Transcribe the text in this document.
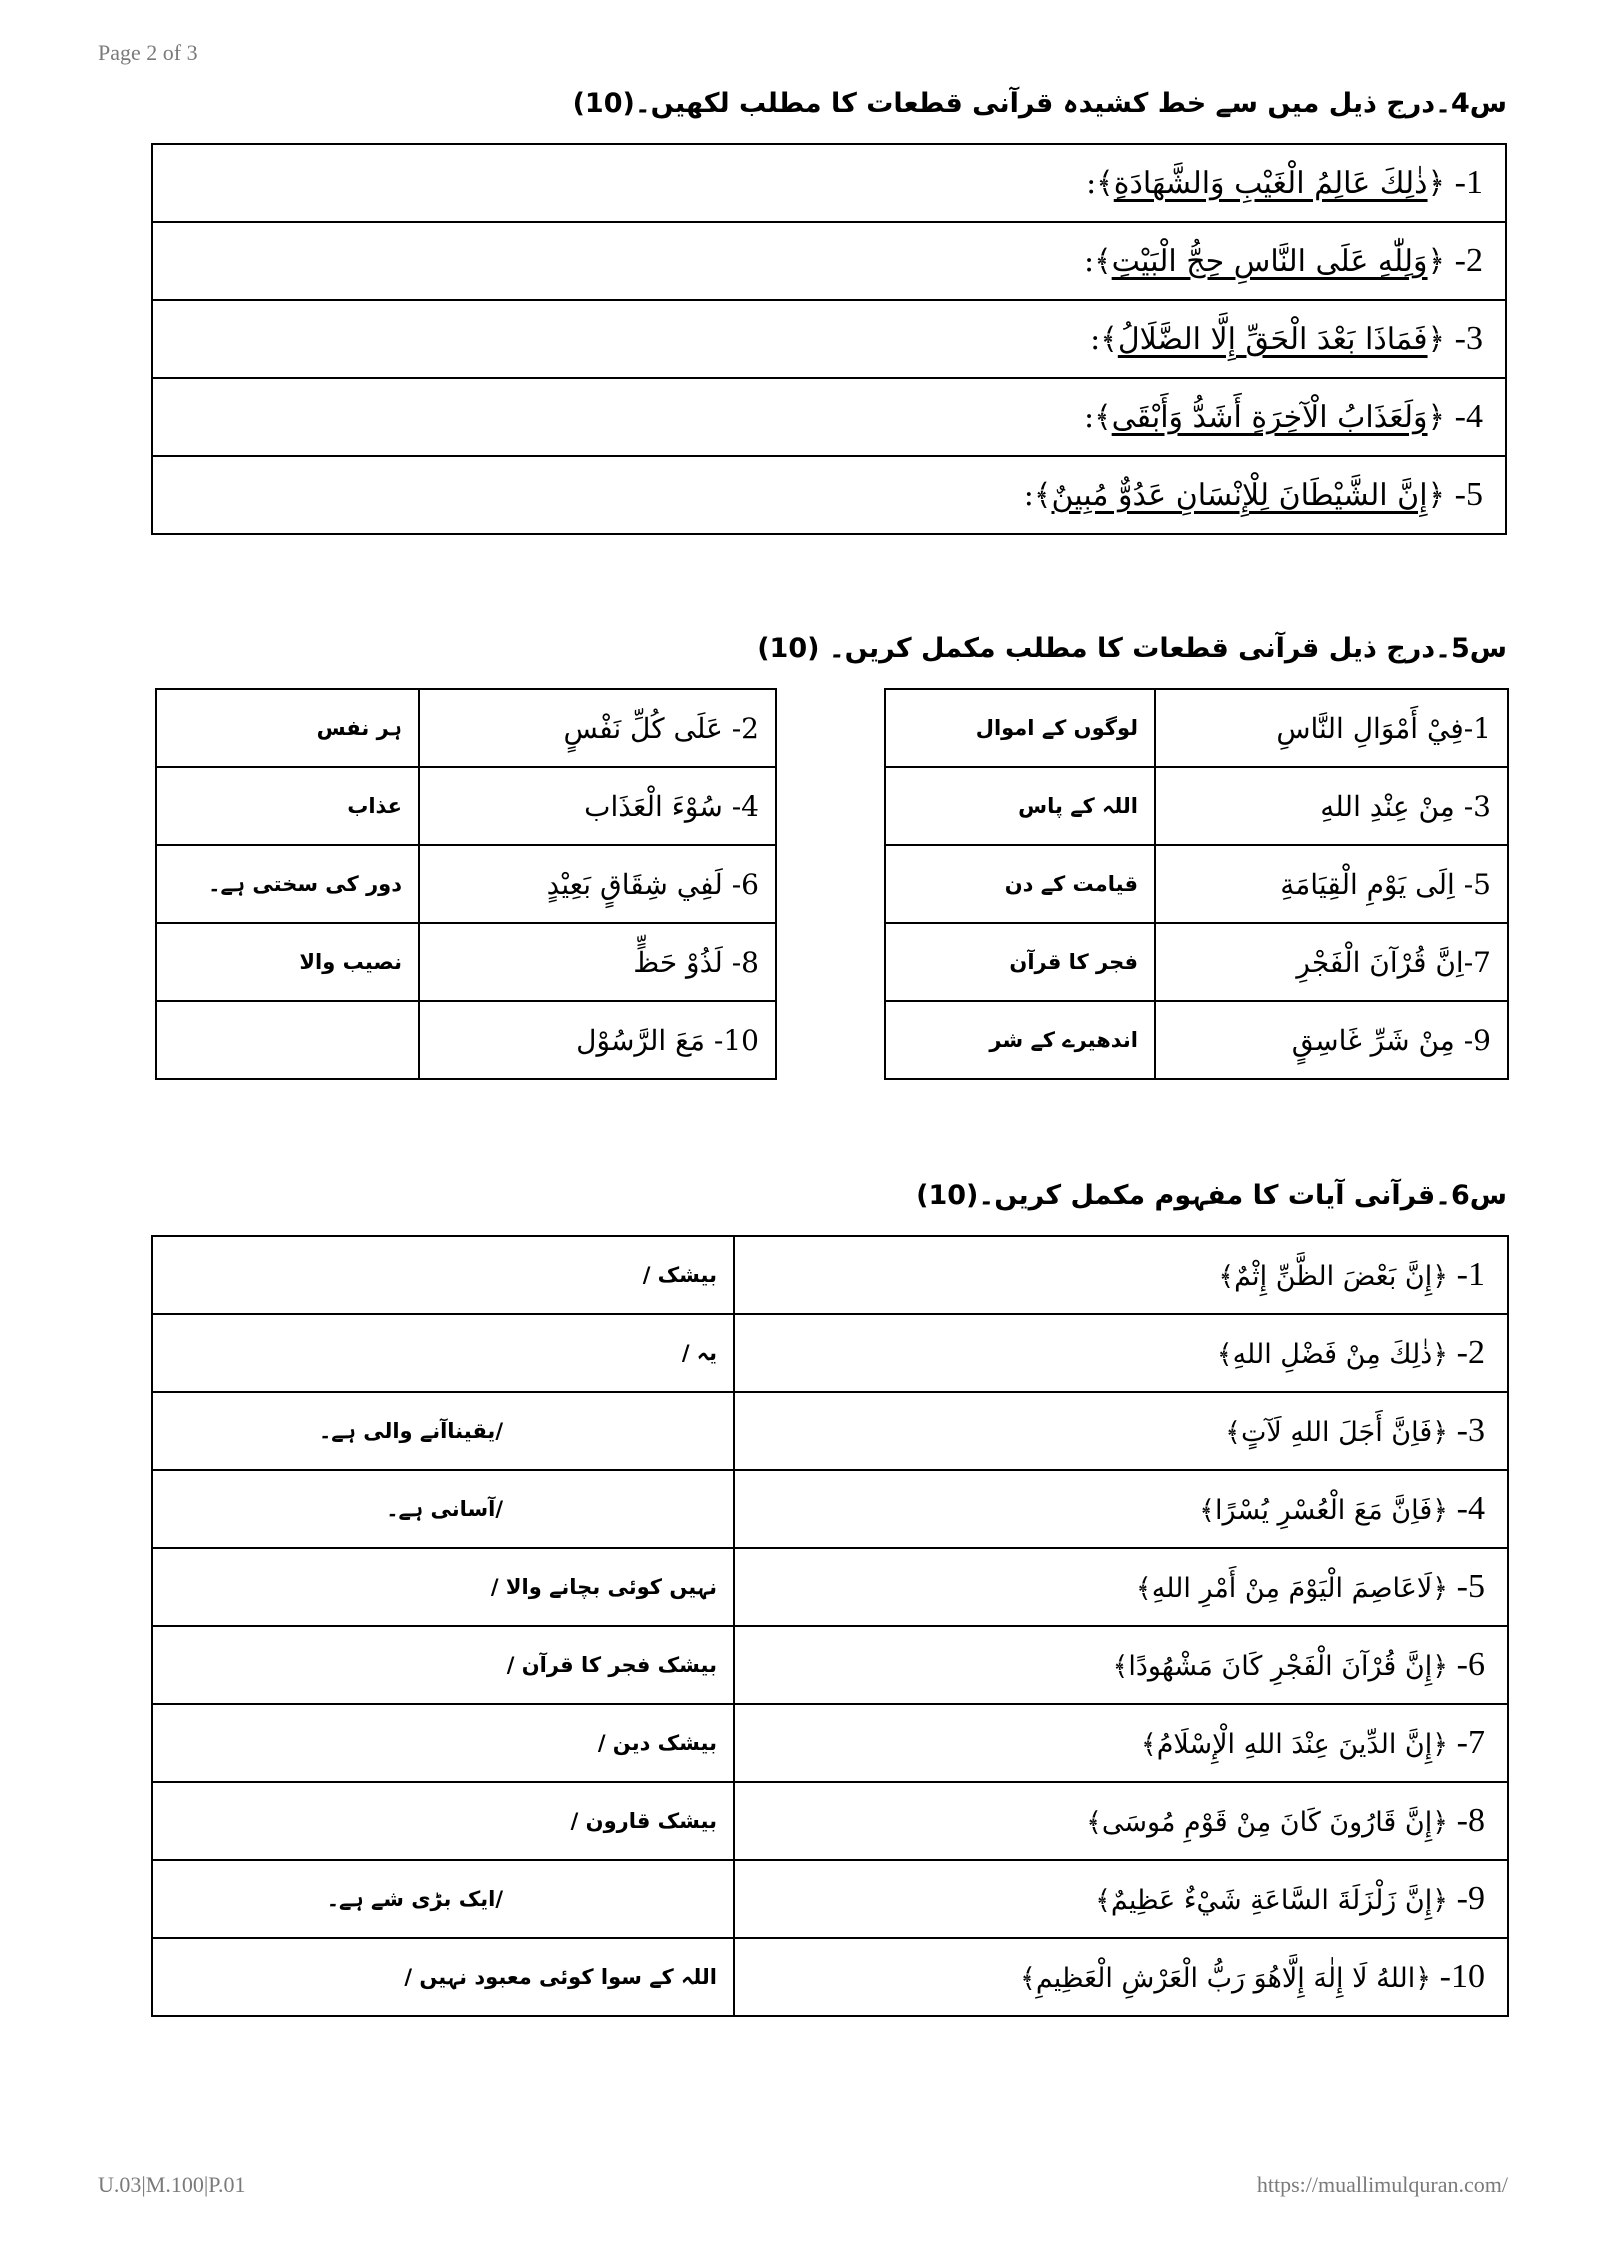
Page 2 of 3
س4۔درج ذیل میں سے خط کشیدہ قرآنی قطعات کا مطلب لکھیں۔(10)
1- ﴿ذٰلِكَ عَالِمُ الْغَيْبِ وَالشَّهَادَةِ﴾:
2- ﴿وَلِلّٰهِ عَلَى النَّاسِ حِجُّ الْبَيْتِ﴾:
3- ﴿فَمَاذَا بَعْدَ الْحَقِّ إِلَّا الضَّلَالُ﴾:
4- ﴿وَلَعَذَابُ الْآخِرَةِ أَشَدُّ وَأَبْقَى﴾:
5- ﴿إِنَّ الشَّيْطَانَ لِلْإِنْسَانِ عَدُوٌّ مُبِينٌ﴾:
س5۔درج ذیل قرآنی قطعات کا مطلب مکمل کریں۔ (10)
لوگوں کے اموال	1-فِيْ أَمْوَالِ النَّاسِ
اللہ کے پاس	3- مِنْ عِنْدِ اللهِ
قیامت کے دن	5- اِلَى يَوْمِ الْقِيَامَةِ
فجر کا قرآن	7-اِنَّ قُرْآنَ الْفَجْرِ
اندھیرے کے شر	9- مِنْ شَرِّ غَاسِقٍ
ہر نفس	2- عَلَى كُلِّ نَفْسٍ
عذاب	4- سُوْءَ الْعَذَاب
دور کی سختی ہے۔	6- لَفِي شِقَاقٍ بَعِيْدٍ
نصیب والا	8- لَذُوْ حَظٍّ
	10- مَعَ الرَّسُوْل
س6۔قرآنی آیات کا مفہوم مکمل کریں۔(10)
بیشک /	1- ﴿إِنَّ بَعْضَ الظَّنِّ إِثْمٌ﴾
یہ /	2- ﴿ذٰلِكَ مِنْ فَضْلِ اللهِ﴾
/یقیناآنے والی ہے۔	3- ﴿فَاِنَّ أَجَلَ اللهِ لَآتٍ﴾
/آسانی ہے۔	4- ﴿فَاِنَّ مَعَ الْعُسْرِ يُسْرًا﴾
نہیں کوئی بچانے والا /	5- ﴿لَاعَاصِمَ الْيَوْمَ مِنْ أَمْرِ اللهِ﴾
بیشک فجر کا قرآن /	6- ﴿إِنَّ قُرْآنَ الْفَجْرِ كَانَ مَشْهُودًا﴾
بیشک دین /	7- ﴿إِنَّ الدِّينَ عِنْدَ اللهِ الْإِسْلَامُ﴾
بیشک قارون /	8- ﴿إِنَّ قَارُونَ كَانَ مِنْ قَوْمِ مُوسَى﴾
/ایک بڑی شے ہے۔	9- ﴿إِنَّ زَلْزَلَةَ السَّاعَةِ شَيْءٌ عَظِيمٌ﴾
اللہ کے سوا کوئی معبود نہیں /	10- ﴿اللهُ لَا إِلٰهَ إِلَّاهُوَ رَبُّ الْعَرْشِ الْعَظِيمِ﴾
U.03|M.100|P.01	https://muallimulquran.com/
